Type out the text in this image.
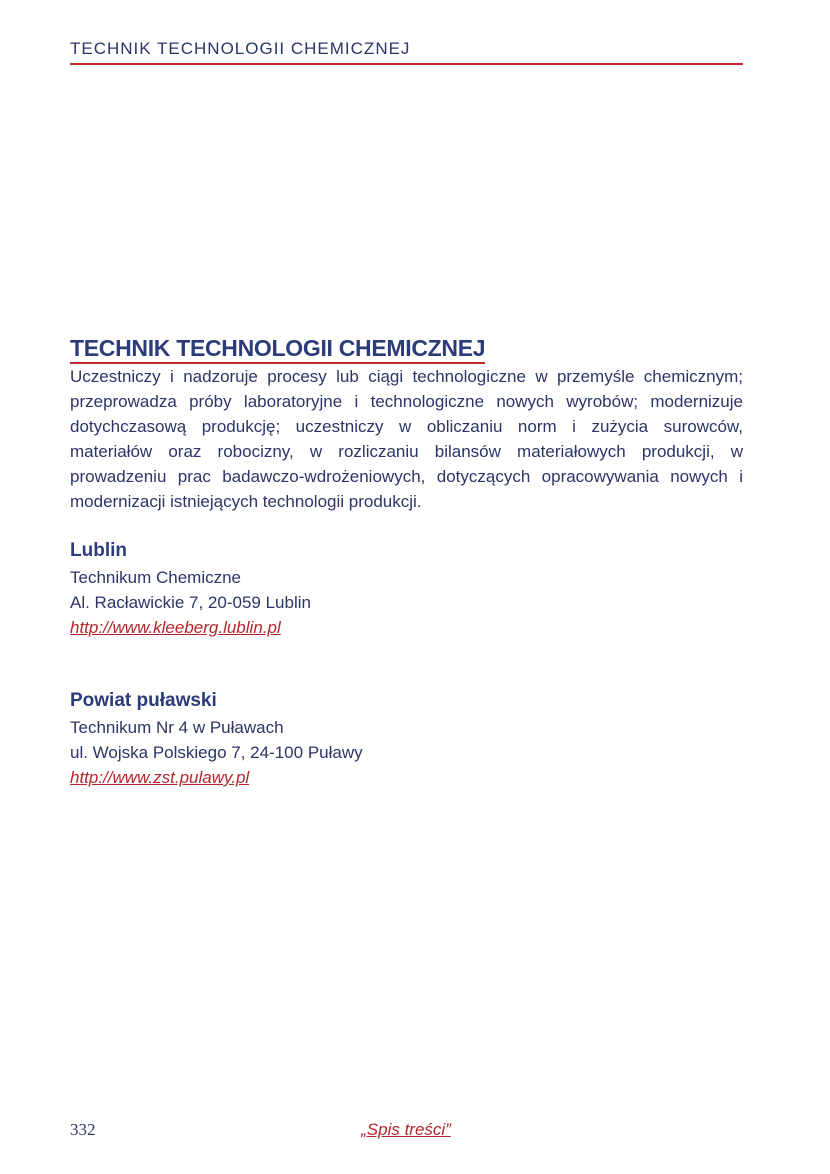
TECHNIK TECHNOLOGII CHEMICZNEJ
TECHNIK TECHNOLOGII CHEMICZNEJ

Uczestniczy i nadzoruje procesy lub ciągi technologiczne w przemyśle chemicznym; przeprowadza próby laboratoryjne i technologiczne nowych wyrobów; modernizuje dotychczasową produkcję; uczestniczy w obliczaniu norm i zużycia surowców, materiałów oraz robocizny, w rozliczaniu bilansów materiałowych produkcji, w prowadzeniu prac badawczo-wdrożeniowych, dotyczących opracowywania nowych i modernizacji istniejących technologii produkcji.

Lublin

Technikum Chemiczne

Al. Racławickie 7, 20-059 Lublin

http://www.kleeberg.lublin.pl
Powiat puławski

Technikum Nr 4 w Puławach

ul. Wojska Polskiego 7, 24-100 Puławy

http://www.zst.pulawy.pl
332	„Spis treści”
